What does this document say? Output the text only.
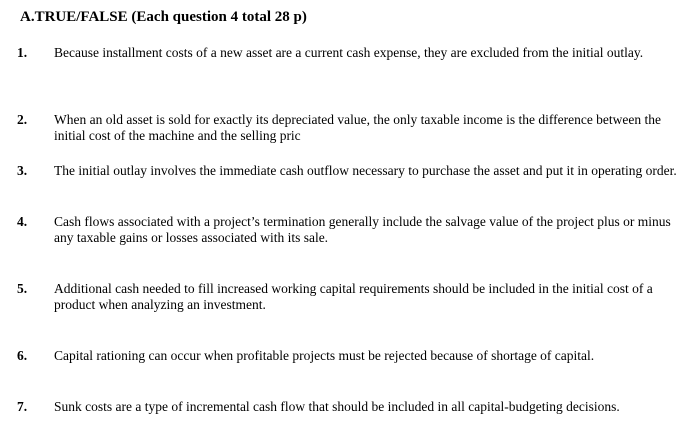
A.TRUE/FALSE (Each question 4 total 28 p)
1. Because installment costs of a new asset are a current cash expense, they are excluded from the initial outlay.
2. When an old asset is sold for exactly its depreciated value, the only taxable income is the difference between the initial cost of the machine and the selling pric
3. The initial outlay involves the immediate cash outflow necessary to purchase the asset and put it in operating order.
4. Cash flows associated with a project’s termination generally include the salvage value of the project plus or minus any taxable gains or losses associated with its sale.
5. Additional cash needed to fill increased working capital requirements should be included in the initial cost of a product when analyzing an investment.
6. Capital rationing can occur when profitable projects must be rejected because of shortage of capital.
7. Sunk costs are a type of incremental cash flow that should be included in all capital-budgeting decisions.
